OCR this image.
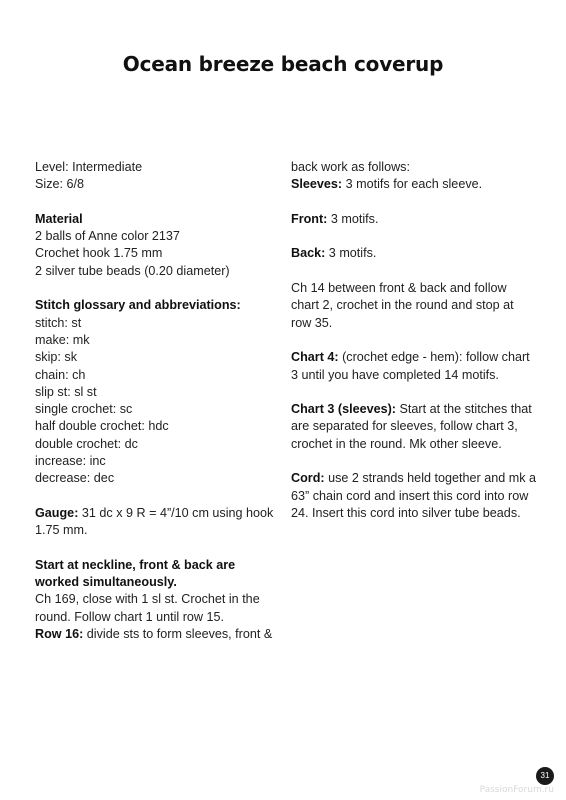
Ocean breeze beach coverup
Level: Intermediate
Size: 6/8
Material
2 balls of Anne color 2137
Crochet hook 1.75 mm
2 silver tube beads (0.20 diameter)
Stitch glossary and abbreviations:
stitch: st
make: mk
skip: sk
chain: ch
slip st: sl st
single crochet: sc
half double crochet: hdc
double crochet: dc
increase: inc
decrease: dec
Gauge: 31 dc x 9 R = 4”/10 cm using hook 1.75 mm.
Start at neckline, front & back are worked simultaneously.
Ch 169, close with 1 sl st. Crochet in the round. Follow chart 1 until row 15.
Row 16: divide sts to form sleeves, front &
back work as follows:
Sleeves: 3 motifs for each sleeve.
Front: 3 motifs.
Back: 3 motifs.
Ch 14 between front & back and follow chart 2, crochet in the round and stop at row 35.
Chart 4: (crochet edge - hem): follow chart 3 until you have completed 14 motifs.
Chart 3 (sleeves): Start at the stitches that are separated for sleeves, follow chart 3, crochet in the round. Mk other sleeve.
Cord: use 2 strands held together and mk a 63” chain cord and insert this cord into row 24. Insert this cord into silver tube beads.
31
PassionForum.ru
